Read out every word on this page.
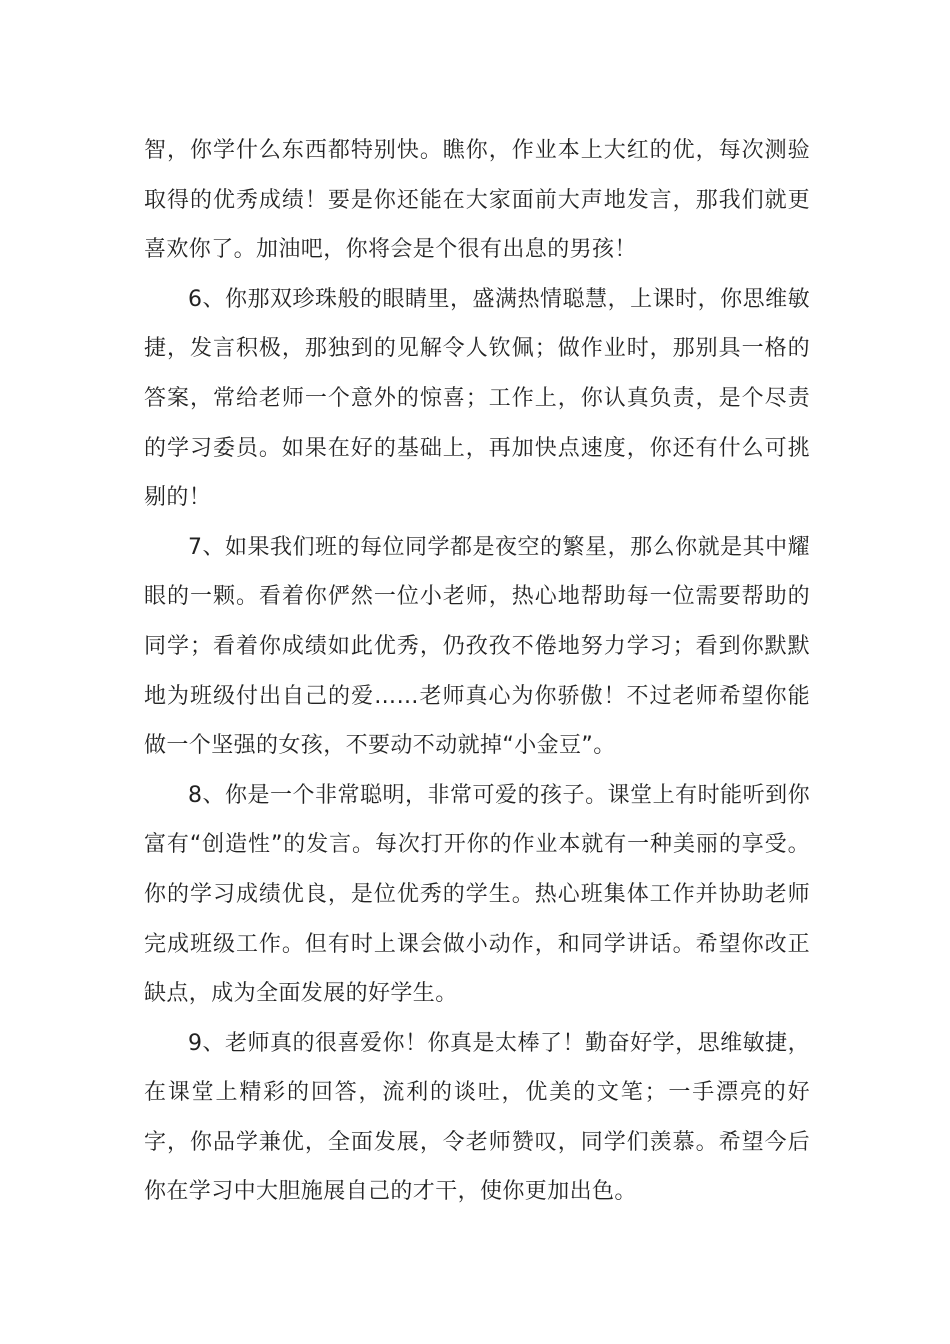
智，你学什么东西都特别快。瞧你，作业本上大红的优，每次测验取得的优秀成绩！要是你还能在大家面前大声地发言，那我们就更喜欢你了。加油吧，你将会是个很有出息的男孩！

6、你那双珍珠般的眼睛里，盛满热情聪慧，上课时，你思维敏捷，发言积极，那独到的见解令人钦佩；做作业时，那别具一格的答案，常给老师一个意外的惊喜；工作上，你认真负责，是个尽责的学习委员。如果在好的基础上，再加快点速度，你还有什么可挑剔的！

7、如果我们班的每位同学都是夜空的繁星，那么你就是其中耀眼的一颗。看着你俨然一位小老师，热心地帮助每一位需要帮助的同学；看着你成绩如此优秀，仍孜孜不倦地努力学习；看到你默默地为班级付出自己的爱……老师真心为你骄傲！不过老师希望你能做一个坚强的女孩，不要动不动就掉“小金豆”。

8、你是一个非常聪明，非常可爱的孩子。课堂上有时能听到你富有“创造性”的发言。每次打开你的作业本就有一种美丽的享受。你的学习成绩优良，是位优秀的学生。热心班集体工作并协助老师完成班级工作。但有时上课会做小动作，和同学讲话。希望你改正缺点，成为全面发展的好学生。

9、老师真的很喜爱你！你真是太棒了！勤奋好学，思维敏捷，在课堂上精彩的回答，流利的谈吐，优美的文笔；一手漂亮的好字，你品学兼优，全面发展，令老师赞叹，同学们羡慕。希望今后你在学习中大胆施展自己的才干，使你更加出色。
